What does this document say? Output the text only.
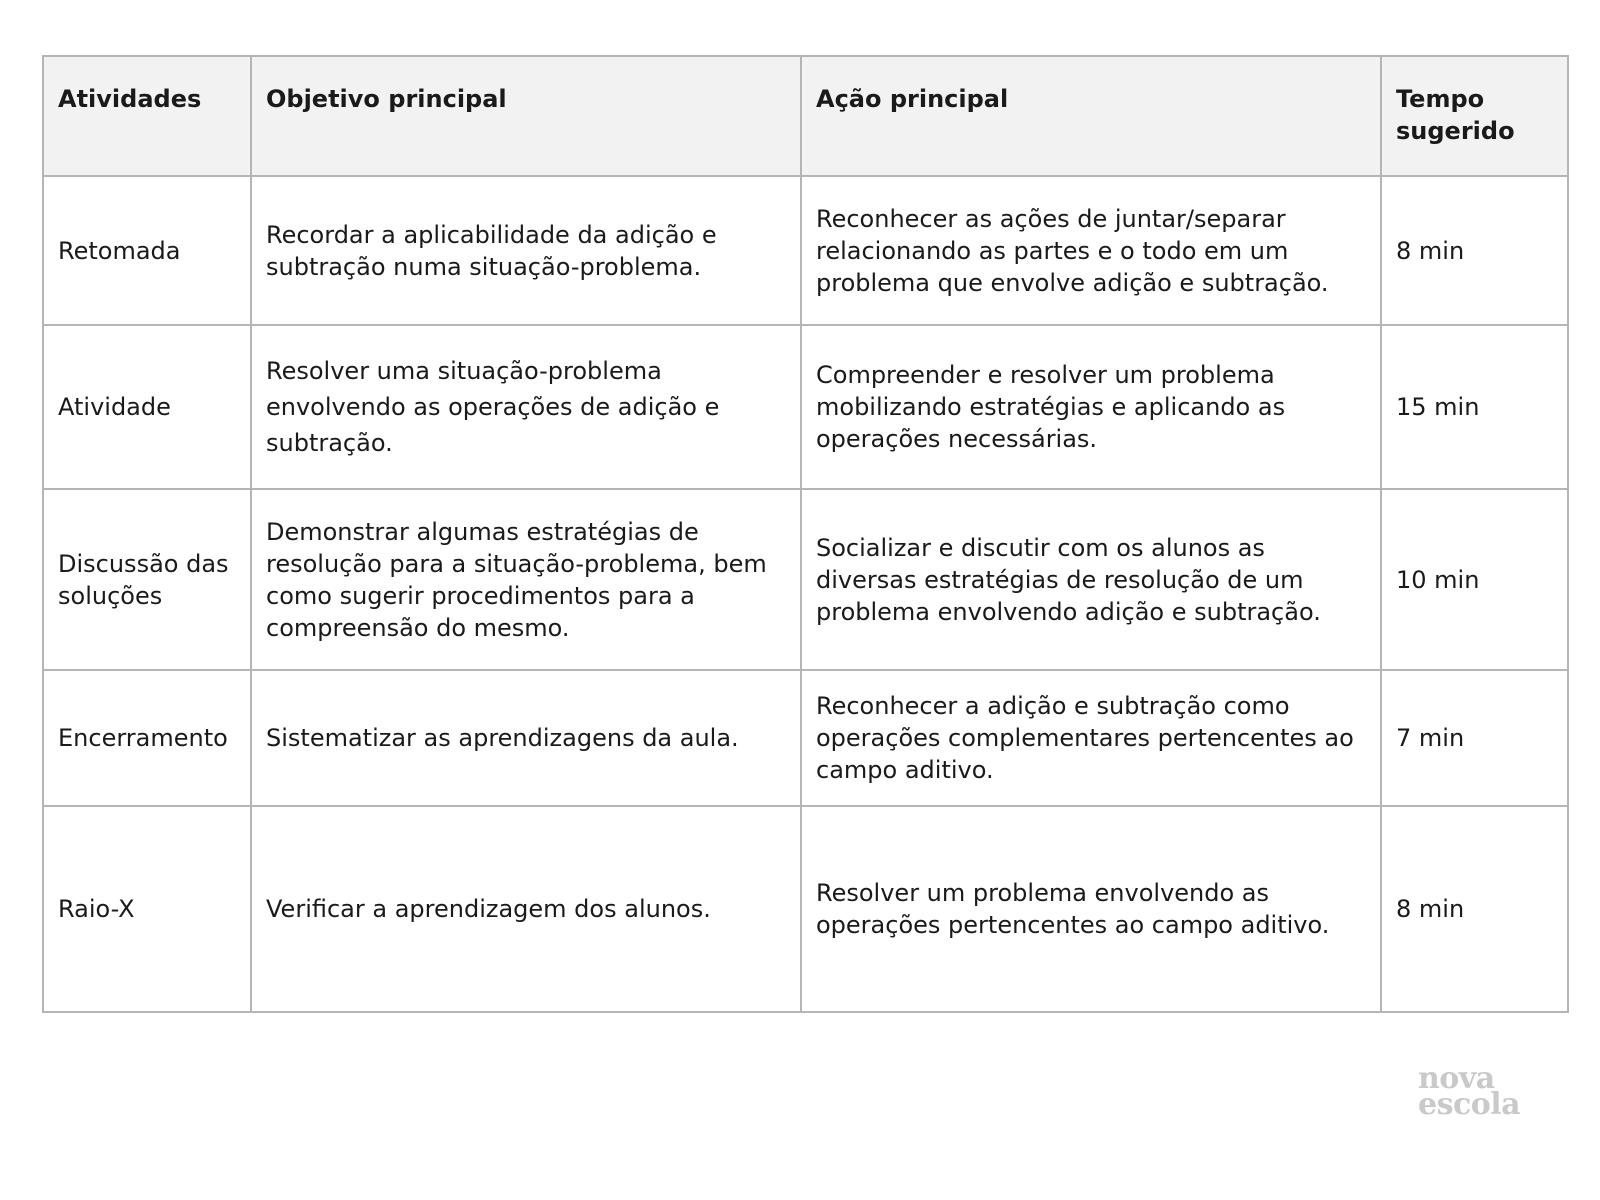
Atividades	Objetivo principal	Ação principal	Tempo sugerido
Retomada	Recordar a aplicabilidade da adição e subtração numa situação-problema.	Reconhecer as ações de juntar/separar relacionando as partes e o todo em um problema que envolve adição e subtração.	8 min
Atividade	Resolver uma situação-problema envolvendo as operações de adição e subtração.	Compreender e resolver um problema mobilizando estratégias e aplicando as operações necessárias.	15 min
Discussão das soluções	Demonstrar algumas estratégias de resolução para a situação-problema, bem como sugerir procedimentos para a compreensão do mesmo.	Socializar e discutir com os alunos as diversas estratégias de resolução de um problema envolvendo adição e subtração.	10 min
Encerramento	Sistematizar as aprendizagens da aula.	Reconhecer a adição e subtração como operações complementares pertencentes ao campo aditivo.	7 min
Raio-X	Verificar a aprendizagem dos alunos.	Resolver um problema envolvendo as operações pertencentes ao campo aditivo.	8 min
nova
escola
